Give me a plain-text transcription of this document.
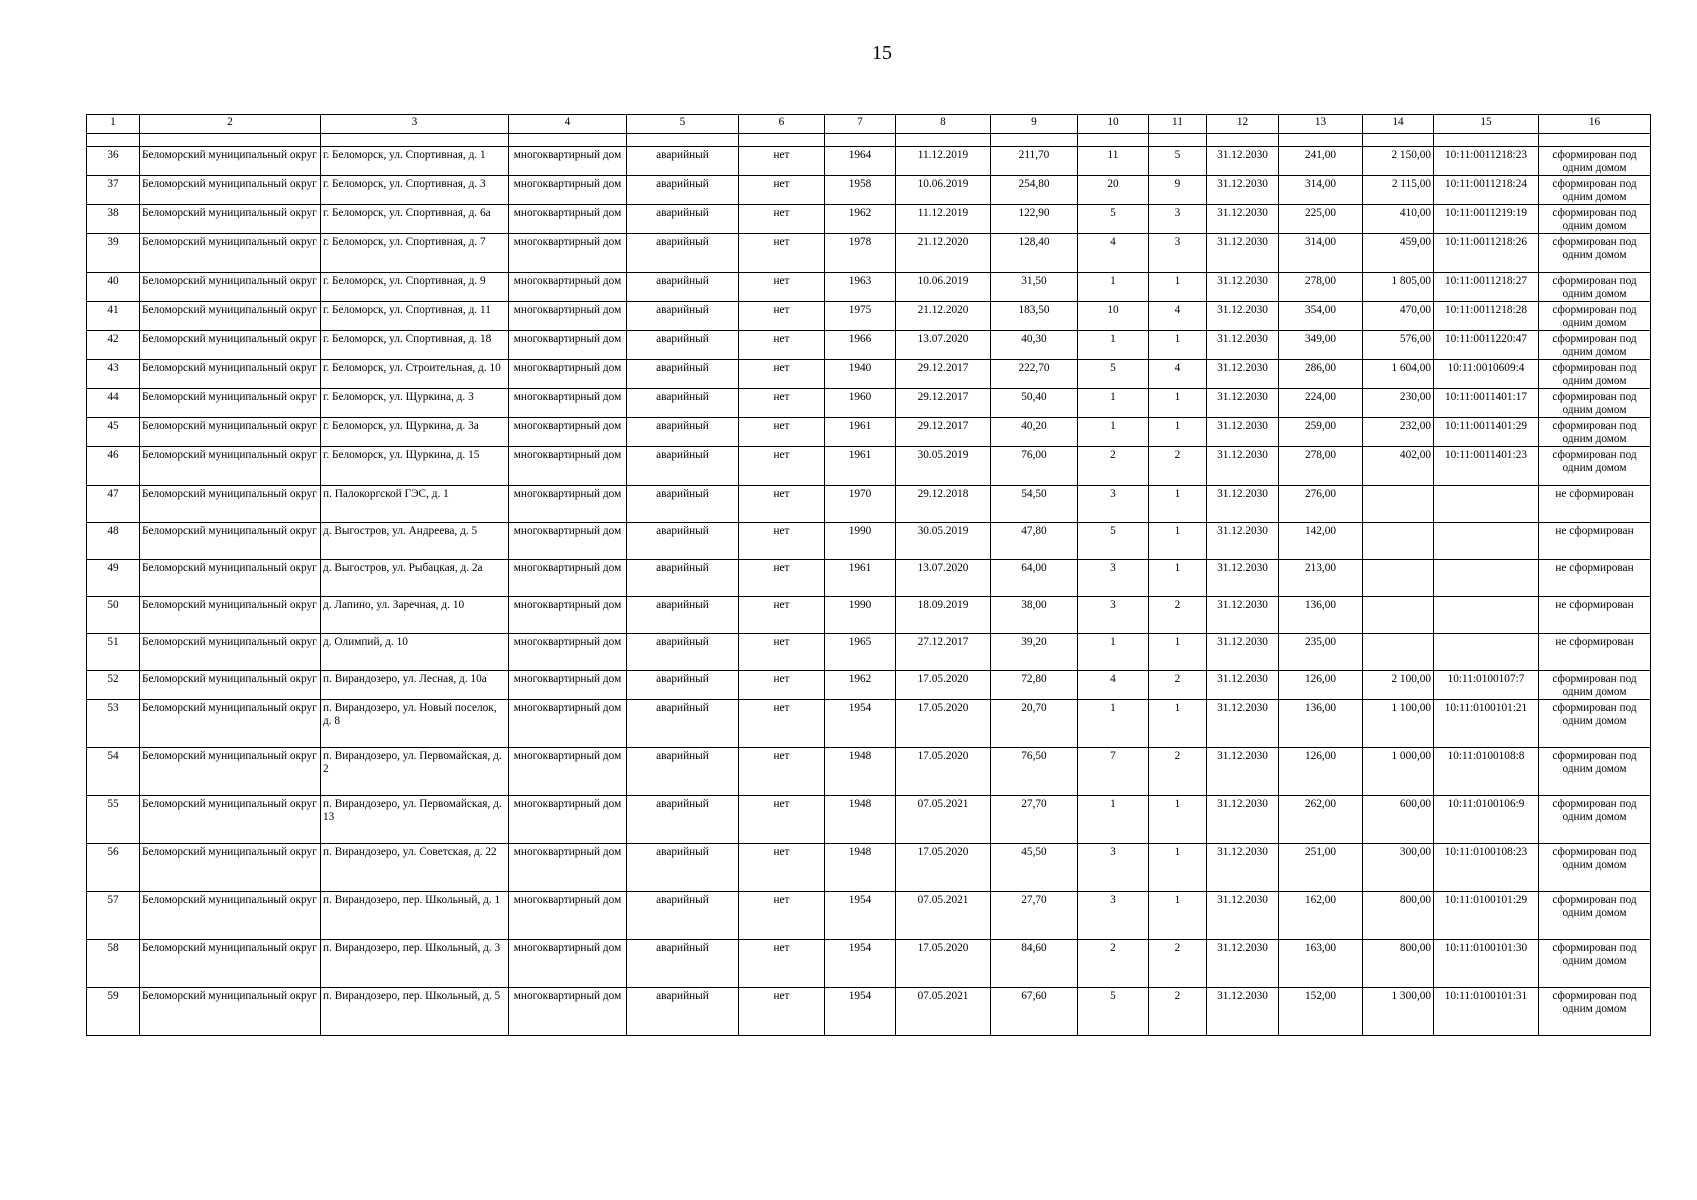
15
1	2	3	4	5	6	7	8	9	10	11	12	13	14	15	16

36	Беломорский муниципальный округ	г. Беломорск, ул. Спортивная, д. 1	многоквартирный дом	аварийный	нет	1964	11.12.2019	211,70	11	5	31.12.2030	241,00	2 150,00	10:11:0011218:23	сформирован под одним домом
37	Беломорский муниципальный округ	г. Беломорск, ул. Спортивная, д. 3	многоквартирный дом	аварийный	нет	1958	10.06.2019	254,80	20	9	31.12.2030	314,00	2 115,00	10:11:0011218:24	сформирован под одним домом
38	Беломорский муниципальный округ	г. Беломорск, ул. Спортивная, д. 6а	многоквартирный дом	аварийный	нет	1962	11.12.2019	122,90	5	3	31.12.2030	225,00	410,00	10:11:0011219:19	сформирован под одним домом
39	Беломорский муниципальный округ	г. Беломорск, ул. Спортивная, д. 7	многоквартирный дом	аварийный	нет	1978	21.12.2020	128,40	4	3	31.12.2030	314,00	459,00	10:11:0011218:26	сформирован под одним домом
40	Беломорский муниципальный округ	г. Беломорск, ул. Спортивная, д. 9	многоквартирный дом	аварийный	нет	1963	10.06.2019	31,50	1	1	31.12.2030	278,00	1 805,00	10:11:0011218:27	сформирован под одним домом
41	Беломорский муниципальный округ	г. Беломорск, ул. Спортивная, д. 11	многоквартирный дом	аварийный	нет	1975	21.12.2020	183,50	10	4	31.12.2030	354,00	470,00	10:11:0011218:28	сформирован под одним домом
42	Беломорский муниципальный округ	г. Беломорск, ул. Спортивная, д. 18	многоквартирный дом	аварийный	нет	1966	13.07.2020	40,30	1	1	31.12.2030	349,00	576,00	10:11:0011220:47	сформирован под одним домом
43	Беломорский муниципальный округ	г. Беломорск, ул. Строительная, д. 10	многоквартирный дом	аварийный	нет	1940	29.12.2017	222,70	5	4	31.12.2030	286,00	1 604,00	10:11:0010609:4	сформирован под одним домом
44	Беломорский муниципальный округ	г. Беломорск, ул. Щуркина, д. 3	многоквартирный дом	аварийный	нет	1960	29.12.2017	50,40	1	1	31.12.2030	224,00	230,00	10:11:0011401:17	сформирован под одним домом
45	Беломорский муниципальный округ	г. Беломорск, ул. Щуркина, д. 3а	многоквартирный дом	аварийный	нет	1961	29.12.2017	40,20	1	1	31.12.2030	259,00	232,00	10:11:0011401:29	сформирован под одним домом
46	Беломорский муниципальный округ	г. Беломорск, ул. Щуркина, д. 15	многоквартирный дом	аварийный	нет	1961	30.05.2019	76,00	2	2	31.12.2030	278,00	402,00	10:11:0011401:23	сформирован под одним домом
47	Беломорский муниципальный округ	п. Палокоргской ГЭС, д. 1	многоквартирный дом	аварийный	нет	1970	29.12.2018	54,50	3	1	31.12.2030	276,00			не сформирован
48	Беломорский муниципальный округ	д. Выгостров, ул. Андреева, д. 5	многоквартирный дом	аварийный	нет	1990	30.05.2019	47,80	5	1	31.12.2030	142,00			не сформирован
49	Беломорский муниципальный округ	д. Выгостров, ул. Рыбацкая, д. 2а	многоквартирный дом	аварийный	нет	1961	13.07.2020	64,00	3	1	31.12.2030	213,00			не сформирован
50	Беломорский муниципальный округ	д. Лапино, ул. Заречная, д. 10	многоквартирный дом	аварийный	нет	1990	18.09.2019	38,00	3	2	31.12.2030	136,00			не сформирован
51	Беломорский муниципальный округ	д. Олимпий, д. 10	многоквартирный дом	аварийный	нет	1965	27.12.2017	39,20	1	1	31.12.2030	235,00			не сформирован
52	Беломорский муниципальный округ	п. Вирандозеро, ул. Лесная, д. 10а	многоквартирный дом	аварийный	нет	1962	17.05.2020	72,80	4	2	31.12.2030	126,00	2 100,00	10:11:0100107:7	сформирован под одним домом
53	Беломорский муниципальный округ	п. Вирандозеро, ул. Новый поселок, д. 8	многоквартирный дом	аварийный	нет	1954	17.05.2020	20,70	1	1	31.12.2030	136,00	1 100,00	10:11:0100101:21	сформирован под одним домом
54	Беломорский муниципальный округ	п. Вирандозеро, ул. Первомайская, д. 2	многоквартирный дом	аварийный	нет	1948	17.05.2020	76,50	7	2	31.12.2030	126,00	1 000,00	10:11:0100108:8	сформирован под одним домом
55	Беломорский муниципальный округ	п. Вирандозеро, ул. Первомайская, д. 13	многоквартирный дом	аварийный	нет	1948	07.05.2021	27,70	1	1	31.12.2030	262,00	600,00	10:11:0100106:9	сформирован под одним домом
56	Беломорский муниципальный округ	п. Вирандозеро, ул. Советская, д. 22	многоквартирный дом	аварийный	нет	1948	17.05.2020	45,50	3	1	31.12.2030	251,00	300,00	10:11:0100108:23	сформирован под одним домом
57	Беломорский муниципальный округ	п. Вирандозеро, пер. Школьный, д. 1	многоквартирный дом	аварийный	нет	1954	07.05.2021	27,70	3	1	31.12.2030	162,00	800,00	10:11:0100101:29	сформирован под одним домом
58	Беломорский муниципальный округ	п. Вирандозеро, пер. Школьный, д. 3	многоквартирный дом	аварийный	нет	1954	17.05.2020	84,60	2	2	31.12.2030	163,00	800,00	10:11:0100101:30	сформирован под одним домом
59	Беломорский муниципальный округ	п. Вирандозеро, пер. Школьный, д. 5	многоквартирный дом	аварийный	нет	1954	07.05.2021	67,60	5	2	31.12.2030	152,00	1 300,00	10:11:0100101:31	сформирован под одним домом
